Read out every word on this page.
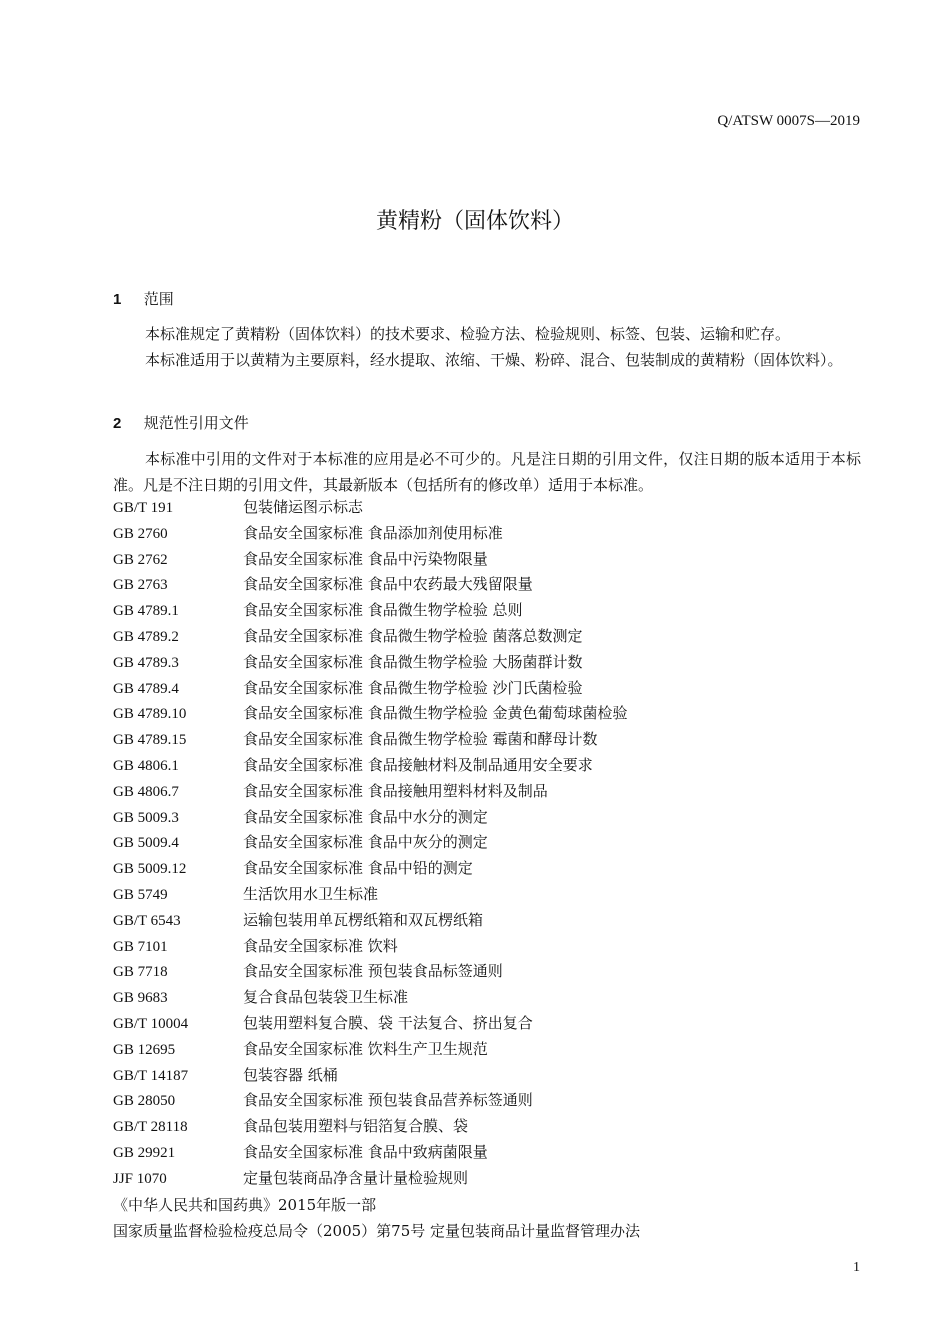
Q/ATSW 0007S—2019
黄精粉（固体饮料）
1 范围
本标准规定了黄精粉（固体饮料）的技术要求、检验方法、检验规则、标签、包装、运输和贮存。
本标准适用于以黄精为主要原料，经水提取、浓缩、干燥、粉碎、混合、包装制成的黄精粉（固体饮料）。
2 规范性引用文件
本标准中引用的文件对于本标准的应用是必不可少的。凡是注日期的引用文件，仅注日期的版本适用于本标准。凡是不注日期的引用文件，其最新版本（包括所有的修改单）适用于本标准。
GB/T 191	包装储运图示标志
GB 2760	食品安全国家标准 食品添加剂使用标准
GB 2762	食品安全国家标准 食品中污染物限量
GB 2763	食品安全国家标准 食品中农药最大残留限量
GB 4789.1	食品安全国家标准 食品微生物学检验 总则
GB 4789.2	食品安全国家标准 食品微生物学检验 菌落总数测定
GB 4789.3	食品安全国家标准 食品微生物学检验 大肠菌群计数
GB 4789.4	食品安全国家标准 食品微生物学检验 沙门氏菌检验
GB 4789.10	食品安全国家标准 食品微生物学检验 金黄色葡萄球菌检验
GB 4789.15	食品安全国家标准 食品微生物学检验 霉菌和酵母计数
GB 4806.1	食品安全国家标准 食品接触材料及制品通用安全要求
GB 4806.7	食品安全国家标准 食品接触用塑料材料及制品
GB 5009.3	食品安全国家标准 食品中水分的测定
GB 5009.4	食品安全国家标准 食品中灰分的测定
GB 5009.12	食品安全国家标准 食品中铅的测定
GB 5749	生活饮用水卫生标准
GB/T 6543	运输包装用单瓦楞纸箱和双瓦楞纸箱
GB 7101	食品安全国家标准 饮料
GB 7718	食品安全国家标准 预包装食品标签通则
GB 9683	复合食品包装袋卫生标准
GB/T 10004	包装用塑料复合膜、袋 干法复合、挤出复合
GB 12695	食品安全国家标准 饮料生产卫生规范
GB/T 14187	包装容器 纸桶
GB 28050	食品安全国家标准 预包装食品营养标签通则
GB/T 28118	食品包装用塑料与铝箔复合膜、袋
GB 29921	食品安全国家标准 食品中致病菌限量
JJF 1070	定量包装商品净含量计量检验规则
《中华人民共和国药典》2015年版一部
国家质量监督检验检疫总局令（2005）第75号 定量包装商品计量监督管理办法
1
